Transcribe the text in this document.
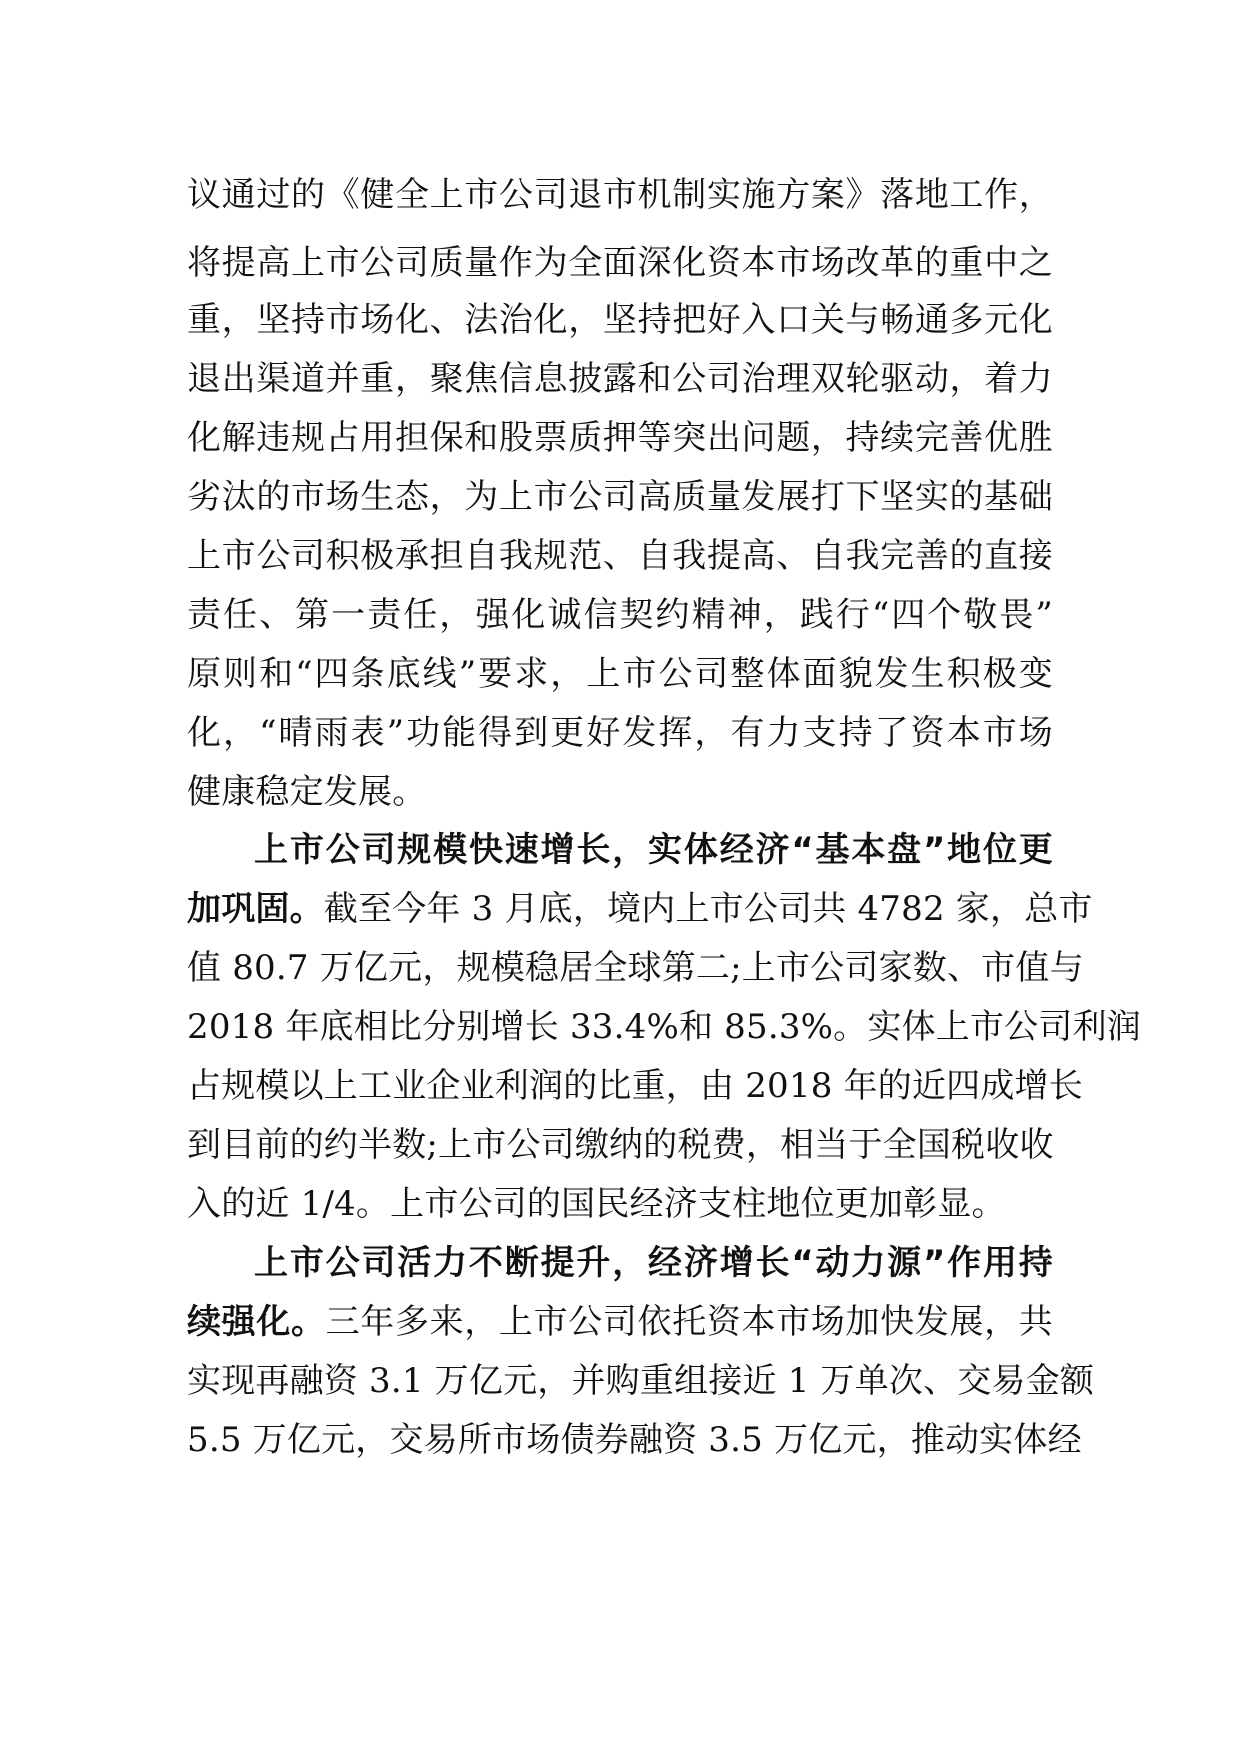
议通过的《健全上市公司退市机制实施方案》落地工作，

将提高上市公司质量作为全面深化资本市场改革的重中之

重，坚持市场化、法治化，坚持把好入口关与畅通多元化

退出渠道并重，聚焦信息披露和公司治理双轮驱动，着力

化解违规占用担保和股票质押等突出问题，持续完善优胜

劣汰的市场生态，为上市公司高质量发展打下坚实的基础

上市公司积极承担自我规范、自我提高、自我完善的直接

责任、第一责任，强化诚信契约精神，践行“四个敬畏”

原则和“四条底线”要求，上市公司整体面貌发生积极变

化，“晴雨表”功能得到更好发挥，有力支持了资本市场

健康稳定发展。

上市公司规模快速增长，实体经济“基本盘”地位更

加巩固。截至今年 3 月底，境内上市公司共 4782 家，总市

值 80.7 万亿元，规模稳居全球第二;上市公司家数、市值与

2018 年底相比分别增长 33.4%和 85.3%。实体上市公司利润

占规模以上工业企业利润的比重，由 2018 年的近四成增长

到目前的约半数;上市公司缴纳的税费，相当于全国税收收

入的近 1/4。上市公司的国民经济支柱地位更加彰显。

上市公司活力不断提升，经济增长“动力源”作用持

续强化。三年多来，上市公司依托资本市场加快发展，共

实现再融资 3.1 万亿元，并购重组接近 1 万单次、交易金额

5.5 万亿元，交易所市场债券融资 3.5 万亿元，推动实体经
